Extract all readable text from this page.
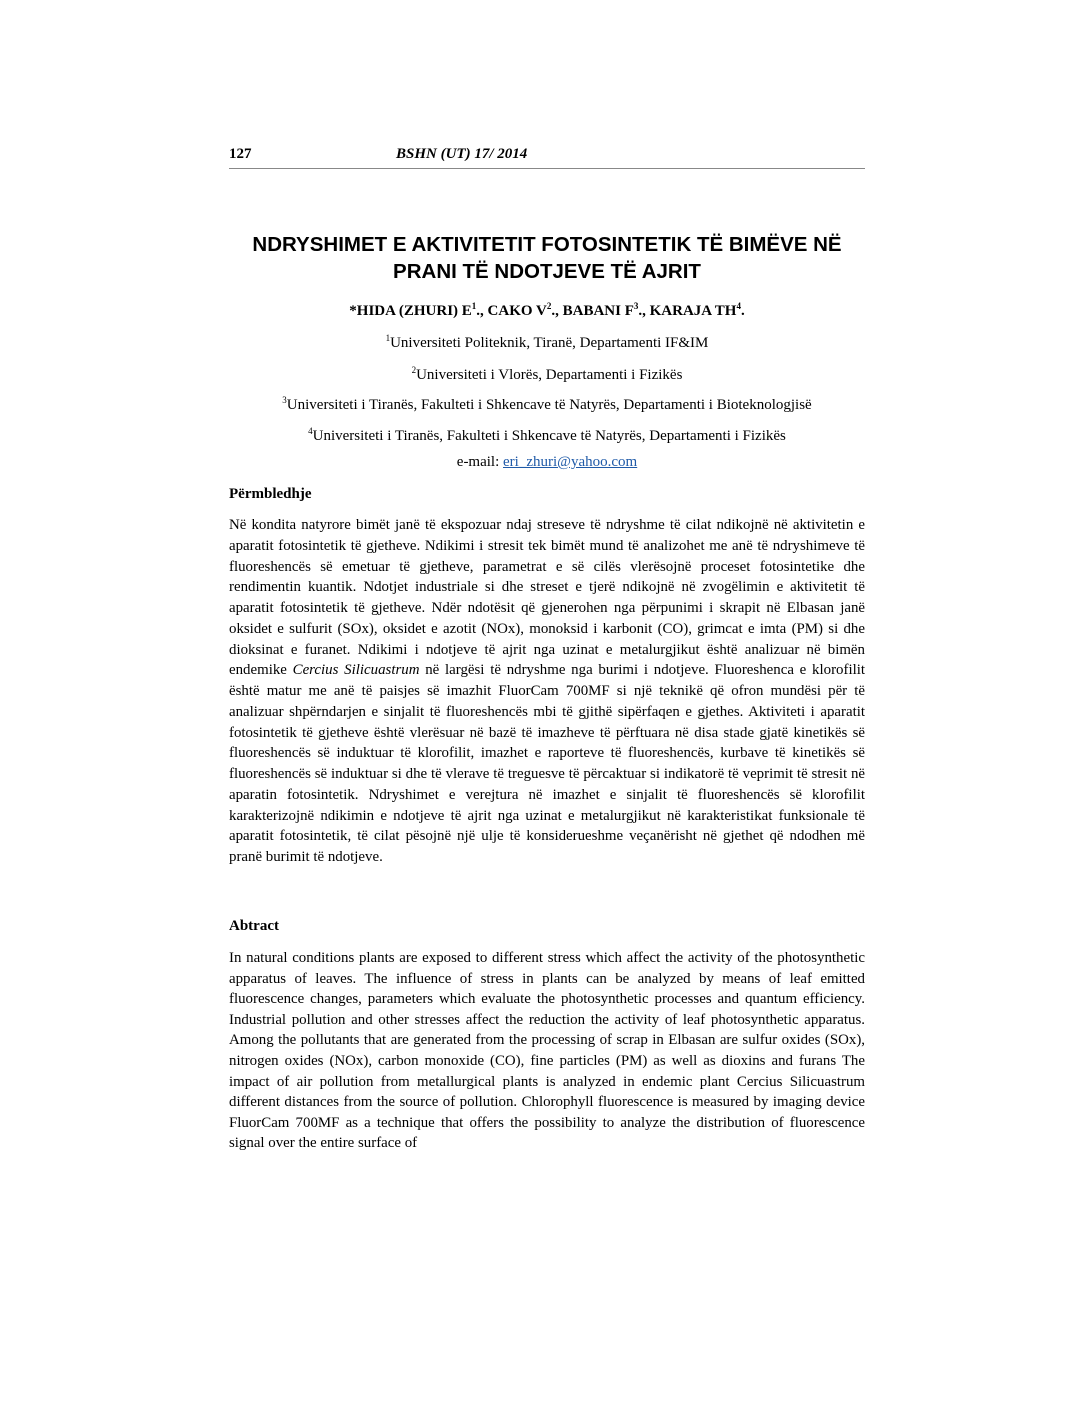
127	BSHN (UT) 17/ 2014
NDRYSHIMET E AKTIVITETIT FOTOSINTETIK TË BIMËVE NË PRANI TË NDOTJEVE TË AJRIT
*HIDA (ZHURI) $E^1$., CAKO $V^2$., BABANI $F^3$., KARAJA $TH^4$.
$^1$Universiteti Politeknik, Tiranë, Departamenti IF&IM
$^2$Universiteti i Vlorës, Departamenti i Fizikës
$^3$Universiteti i Tiranës, Fakulteti i Shkencave të Natyrës, Departamenti i Bioteknologjisë
$^4$Universiteti i Tiranës, Fakulteti i Shkencave të Natyrës, Departamenti i Fizikës
e-mail: eri_zhuri@yahoo.com
Përmbledhje

Në kondita natyrore bimët janë të ekspozuar ndaj streseve të ndryshme të cilat ndikojnë në aktivitetin e aparatit fotosintetik të gjetheve. Ndikimi i stresit tek bimët mund të analizohet me anë të ndryshimeve të fluoreshencës së emetuar të gjetheve, parametrat e së cilës vlerësojnë proceset fotosintetike dhe rendimentin kuantik. Ndotjet industriale si dhe streset e tjerë ndikojnë në zvogëlimin e aktivitetit të aparatit fotosintetik të gjetheve. Ndër ndotësit që gjenerohen nga përpunimi i skrapit në Elbasan janë oksidet e sulfurit (SOx), oksidet e azotit (NOx), monoksid i karbonit (CO), grimcat e imta (PM) si dhe dioksinat e furanet. Ndikimi i ndotjeve të ajrit nga uzinat e metalurgjikut është analizuar në bimën endemike Cercius Silicuastrum në largësi të ndryshme nga burimi i ndotjeve. Fluoreshenca e klorofilit është matur me anë të paisjes së imazhit FluorCam 700MF si një teknikë që ofron mundësi për të analizuar shpërndarjen e sinjalit të fluoreshencës mbi të gjithë sipërfaqen e gjethes. Aktiviteti i aparatit fotosintetik të gjetheve është vlerësuar në bazë të imazheve të përftuara në disa stade gjatë kinetikës së fluoreshencës së induktuar të klorofilit, imazhet e raporteve të fluoreshencës, kurbave të kinetikës së fluoreshencës së induktuar si dhe të vlerave të treguesve të përcaktuar si indikatorë të veprimit të stresit në aparatin fotosintetik. Ndryshimet e verejtura në imazhet e sinjalit të fluoreshencës së klorofilit karakterizojnë ndikimin e ndotjeve të ajrit nga uzinat e metalurgjikut në karakteristikat funksionale të aparatit fotosintetik, të cilat pësojnë një ulje të konsiderueshme veçanërisht në gjethet që ndodhen më pranë burimit të ndotjeve.

Abtract

In natural conditions plants are exposed to different stress which affect the activity of the photosynthetic apparatus of leaves. The influence of stress in plants can be analyzed by means of leaf emitted fluorescence changes, parameters which evaluate the photosynthetic processes and quantum efficiency. Industrial pollution and other stresses affect the reduction the activity of leaf photosynthetic apparatus. Among the pollutants that are generated from the processing of scrap in Elbasan are sulfur oxides (SOx), nitrogen oxides (NOx), carbon monoxide (CO), fine particles (PM) as well as dioxins and furans The impact of air pollution from metallurgical plants is analyzed in endemic plant Cercius Silicuastrum different distances from the source of pollution. Chlorophyll fluorescence is measured by imaging device FluorCam 700MF as a technique that offers the possibility to analyze the distribution of fluorescence signal over the entire surface of
